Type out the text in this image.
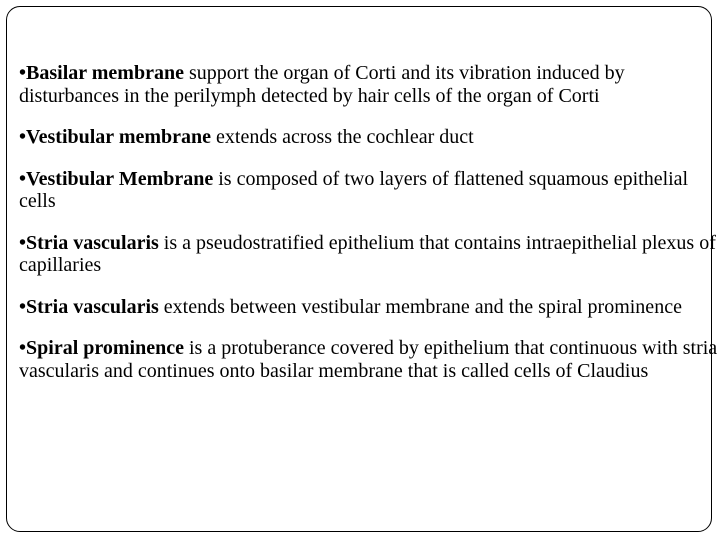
•Basilar membrane support the organ of Corti and its vibration induced by disturbances in the perilymph detected by hair cells of the organ of Corti
•Vestibular membrane extends across the cochlear duct
•Vestibular Membrane is composed of two layers of flattened squamous epithelial cells
•Stria vascularis is a pseudostratified epithelium that contains intraepithelial plexus of capillaries
•Stria vascularis extends between vestibular membrane and the spiral prominence
•Spiral prominence is a protuberance covered by epithelium that continuous with stria vascularis and continues onto basilar membrane that is called cells of Claudius
